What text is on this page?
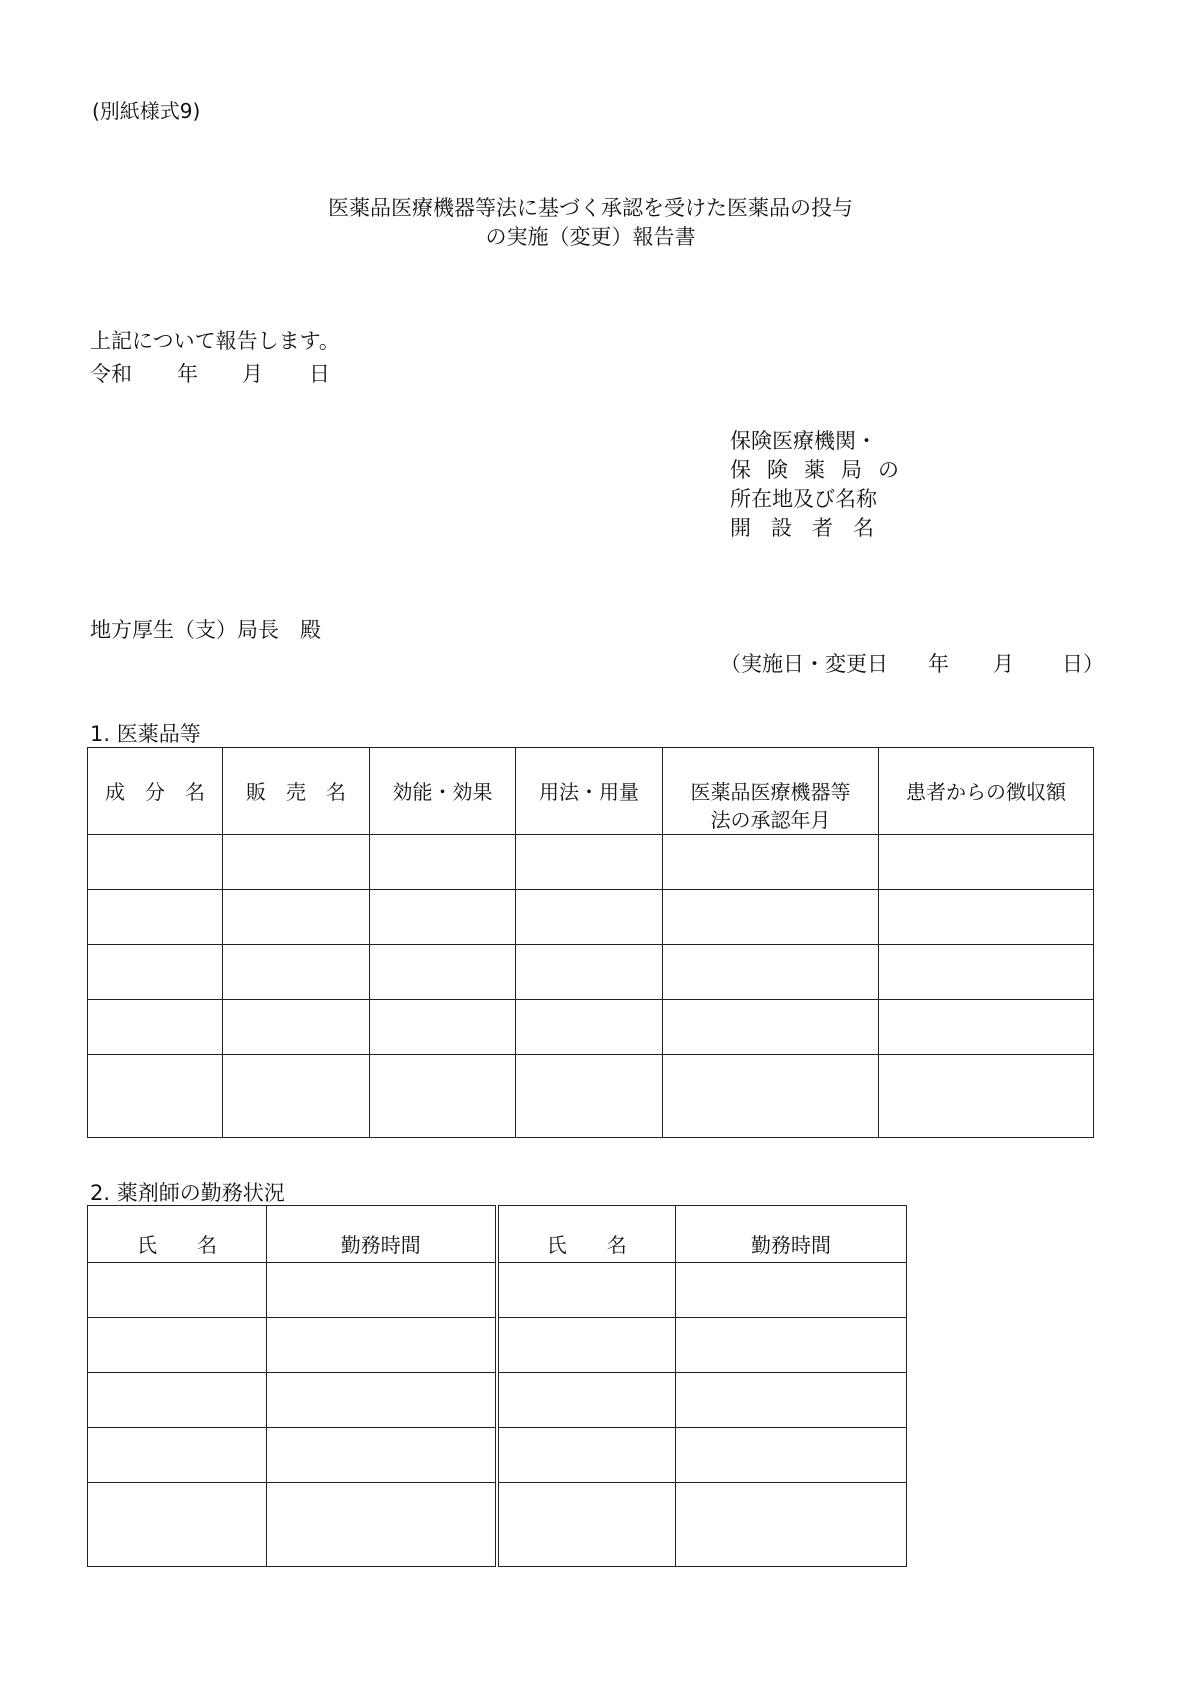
(別紙様式9)
医薬品医療機器等法に基づく承認を受けた医薬品の投与
の実施（変更）報告書
上記について報告します。
令和 年 月 日
保険医療機関・
保険薬局の
所在地及び名称
開設者名
地方厚生（支）局長　殿
（実施日・変更日 年 月 日）
1. 医薬品等
成　分　名	販　売　名	効能・効果	用法・用量	医薬品医療機器等
法の承認年月	患者からの徴収額

2. 薬剤師の勤務状況
氏　　名	勤務時間	氏　　名	勤務時間
